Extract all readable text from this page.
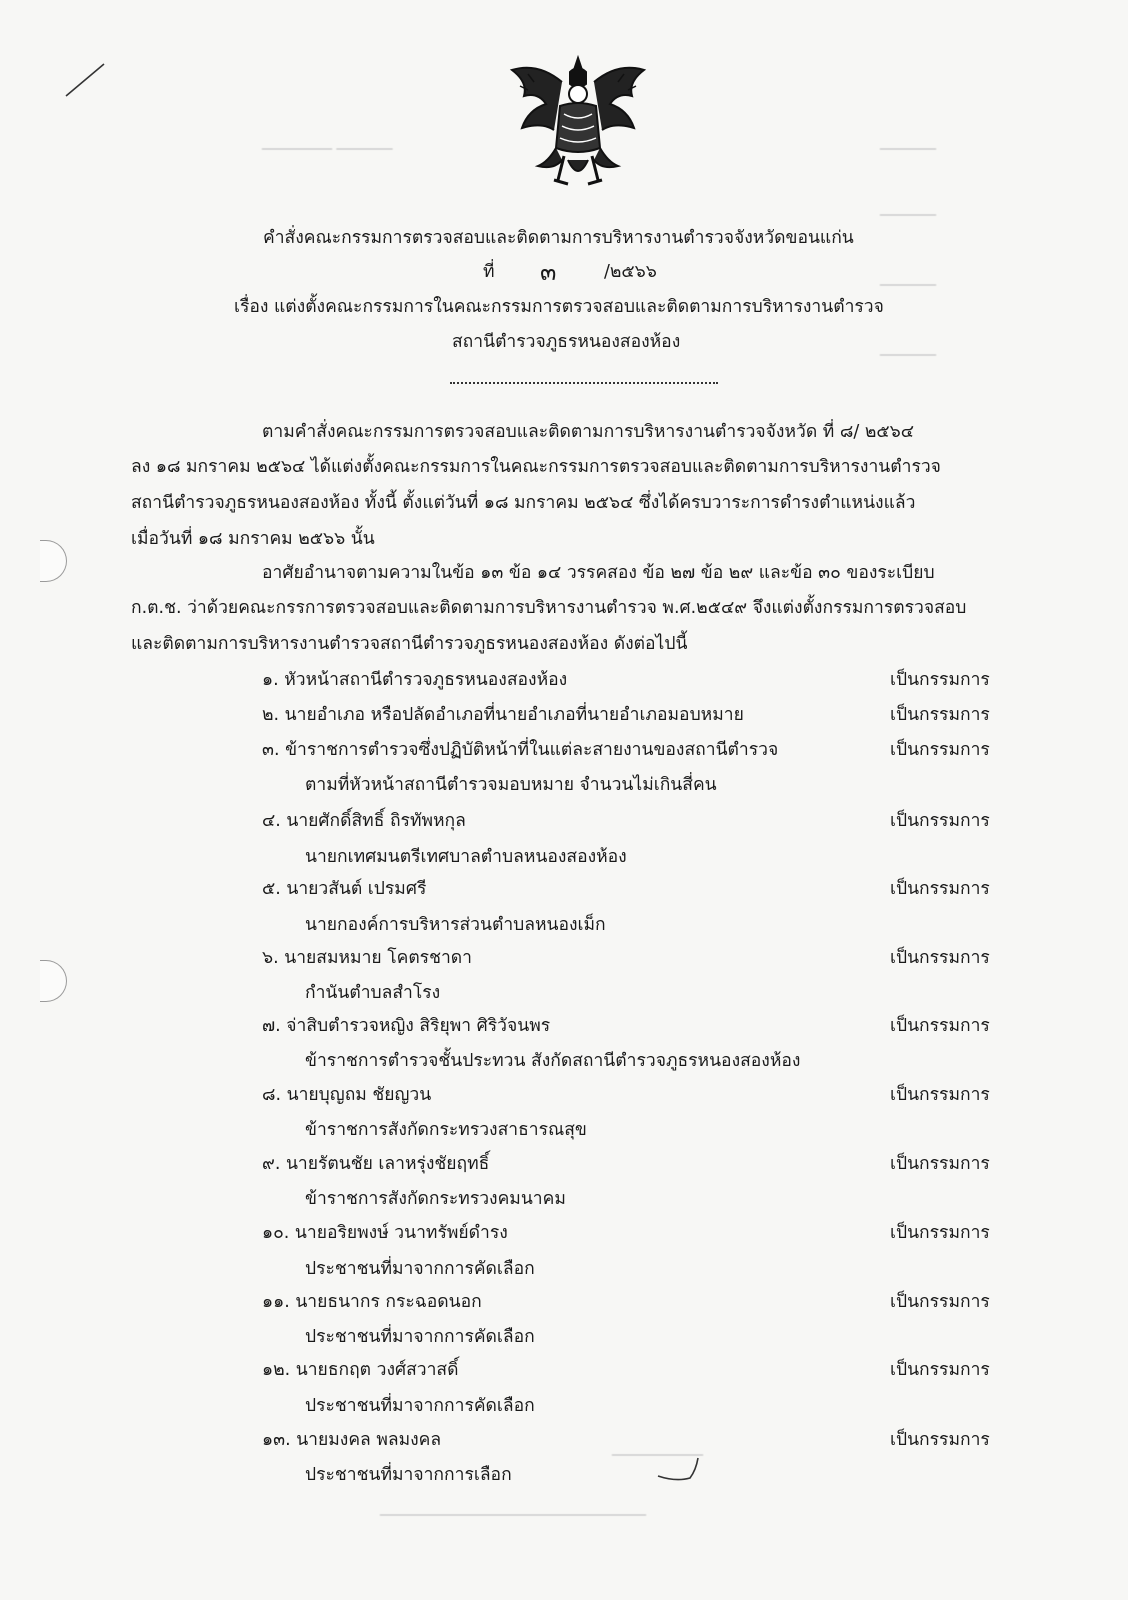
__________ ________	________
________
________
________
คำสั่งคณะกรรมการตรวจสอบและติดตามการบริหารงานตำรวจจังหวัดขอนแก่น
ที่ ๓	/๒๕๖๖
เรื่อง แต่งตั้งคณะกรรมการในคณะกรรมการตรวจสอบและติดตามการบริหารงานตำรวจ
สถานีตำรวจภูธรหนองสองห้อง
ตามคำสั่งคณะกรรมการตรวจสอบและติดตามการบริหารงานตำรวจจังหวัด ที่ ๘/ ๒๕๖๔
ลง ๑๘ มกราคม ๒๕๖๔ ได้แต่งตั้งคณะกรรมการในคณะกรรมการตรวจสอบและติดตามการบริหารงานตำรวจ
สถานีตำรวจภูธรหนองสองห้อง ทั้งนี้ ตั้งแต่วันที่ ๑๘ มกราคม ๒๕๖๔ ซึ่งได้ครบวาระการดำรงตำแหน่งแล้ว
เมื่อวันที่ ๑๘ มกราคม ๒๕๖๖ นั้น
อาศัยอำนาจตามความในข้อ ๑๓ ข้อ ๑๔ วรรคสอง ข้อ ๒๗ ข้อ ๒๙ และข้อ ๓๐ ของระเบียบ
ก.ต.ช. ว่าด้วยคณะกรรการตรวจสอบและติดตามการบริหารงานตำรวจ พ.ศ.๒๕๔๙ จึงแต่งตั้งกรรมการตรวจสอบ
และติดตามการบริหารงานตำรวจสถานีตำรวจภูธรหนองสองห้อง ดังต่อไปนี้
๑. หัวหน้าสถานีตำรวจภูธรหนองสองห้อง	เป็นกรรมการ
๒. นายอำเภอ หรือปลัดอำเภอที่นายอำเภอที่นายอำเภอมอบหมาย	เป็นกรรมการ
๓. ข้าราชการตำรวจซึ่งปฏิบัติหน้าที่ในแต่ละสายงานของสถานีตำรวจ
ตามที่หัวหน้าสถานีตำรวจมอบหมาย จำนวนไม่เกินสี่คน
เป็นกรรมการ
๔. นายศักดิ์สิทธิ์ ถิรทัพหกุล
นายกเทศมนตรีเทศบาลตำบลหนองสองห้อง
เป็นกรรมการ
๕. นายวสันต์ เปรมศรี
นายกองค์การบริหารส่วนตำบลหนองเม็ก
เป็นกรรมการ
๖. นายสมหมาย โคตรชาดา
กำนันตำบลสำโรง
เป็นกรรมการ
๗. จ่าสิบตำรวจหญิง สิริยุพา ศิริวัจนพร
ข้าราชการตำรวจชั้นประทวน สังกัดสถานีตำรวจภูธรหนองสองห้อง
เป็นกรรมการ
๘. นายบุญถม ชัยญวน
ข้าราชการสังกัดกระทรวงสาธารณสุข
เป็นกรรมการ
๙. นายรัตนชัย เลาหรุ่งชัยฤทธิ์
ข้าราชการสังกัดกระทรวงคมนาคม
เป็นกรรมการ
๑๐. นายอริยพงษ์ วนาทรัพย์ดำรง
ประชาชนที่มาจากการคัดเลือก
เป็นกรรมการ
๑๑. นายธนากร กระฉอดนอก
ประชาชนที่มาจากการคัดเลือก
เป็นกรรมการ
๑๒. นายธกฤต วงศ์สวาสดิ์
ประชาชนที่มาจากการคัดเลือก
เป็นกรรมการ
๑๓. นายมงคล พลมงคล
ประชาชนที่มาจากการเลือก
เป็นกรรมการ
_____________
______________________________________
